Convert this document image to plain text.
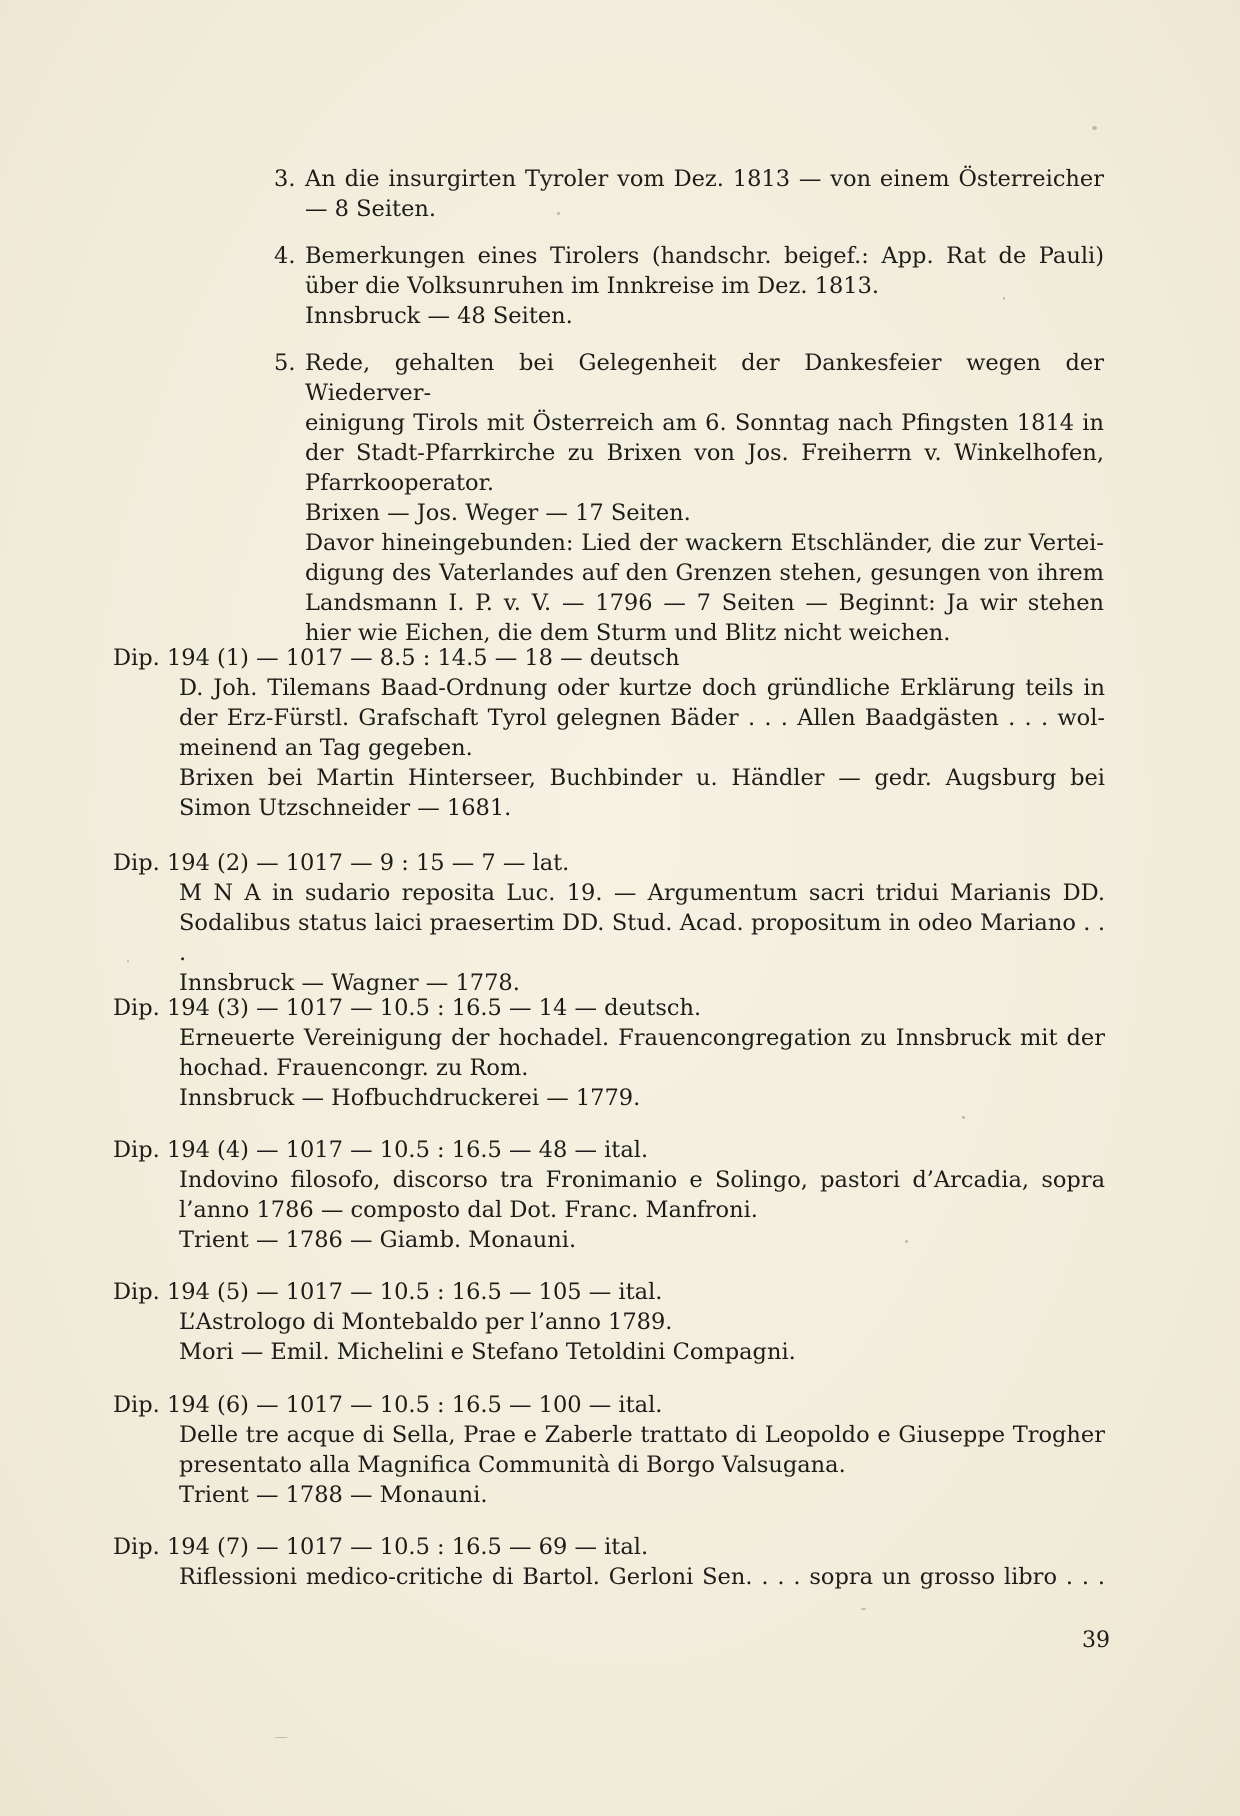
3. An die insurgirten Tyroler vom Dez. 1813 — von einem Österreicher
— 8 Seiten.
4. Bemerkungen eines Tirolers (handschr. beigef.: App. Rat de Pauli)
über die Volksunruhen im Innkreise im Dez. 1813.
Innsbruck — 48 Seiten.
5. Rede, gehalten bei Gelegenheit der Dankesfeier wegen der Wiederver-
einigung Tirols mit Österreich am 6. Sonntag nach Pfingsten 1814 in
der Stadt-Pfarrkirche zu Brixen von Jos. Freiherrn v. Winkelhofen,
Pfarrkooperator.
Brixen — Jos. Weger — 17 Seiten.
Davor hineingebunden: Lied der wackern Etschländer, die zur Vertei-
digung des Vaterlandes auf den Grenzen stehen, gesungen von ihrem
Landsmann I. P. v. V. — 1796 — 7 Seiten — Beginnt: Ja wir stehen
hier wie Eichen, die dem Sturm und Blitz nicht weichen.
Dip. 194 (1) — 1017 — 8.5 : 14.5 — 18 — deutsch
D. Joh. Tilemans Baad-Ordnung oder kurtze doch gründliche Erklärung teils in
der Erz-Fürstl. Grafschaft Tyrol gelegnen Bäder . . . Allen Baadgästen . . . wol-
meinend an Tag gegeben.
Brixen bei Martin Hinterseer, Buchbinder u. Händler — gedr. Augsburg bei
Simon Utzschneider — 1681.
Dip. 194 (2) — 1017 — 9 : 15 — 7 — lat.
M N A in sudario reposita Luc. 19. — Argumentum sacri tridui Marianis DD.
Sodalibus status laici praesertim DD. Stud. Acad. propositum in odeo Mariano . . .
Innsbruck — Wagner — 1778.
Dip. 194 (3) — 1017 — 10.5 : 16.5 — 14 — deutsch.
Erneuerte Vereinigung der hochadel. Frauencongregation zu Innsbruck mit der
hochad. Frauencongr. zu Rom.
Innsbruck — Hofbuchdruckerei — 1779.
Dip. 194 (4) — 1017 — 10.5 : 16.5 — 48 — ital.
Indovino filosofo, discorso tra Fronimanio e Solingo, pastori d’Arcadia, sopra
l’anno 1786 — composto dal Dot. Franc. Manfroni.
Trient — 1786 — Giamb. Monauni.
Dip. 194 (5) — 1017 — 10.5 : 16.5 — 105 — ital.
L’Astrologo di Montebaldo per l’anno 1789.
Mori — Emil. Michelini e Stefano Tetoldini Compagni.
Dip. 194 (6) — 1017 — 10.5 : 16.5 — 100 — ital.
Delle tre acque di Sella, Prae e Zaberle trattato di Leopoldo e Giuseppe Trogher
presentato alla Magnifica Communità di Borgo Valsugana.
Trient — 1788 — Monauni.
Dip. 194 (7) — 1017 — 10.5 : 16.5 — 69 — ital.
Riflessioni medico-critiche di Bartol. Gerloni Sen. . . . sopra un grosso libro . . .
39
